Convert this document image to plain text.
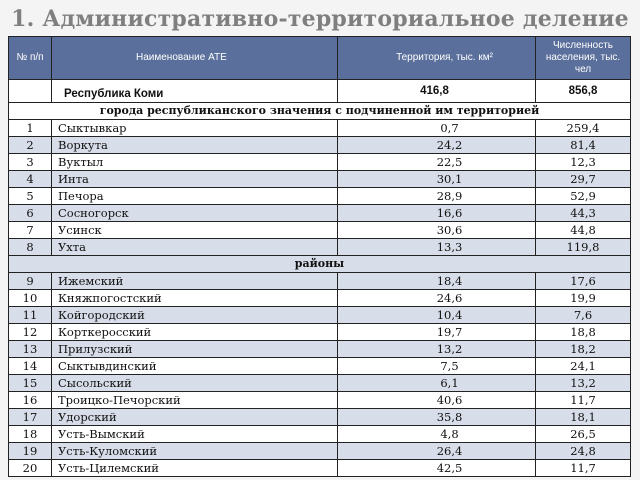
1. Административно-территориальное деление
№ п/п	Наименование АТЕ	Территория, тыс. км²	Численность населения, тыс. чел
	Республика Коми	416,8	856,8
города республиканского значения с подчиненной им территорией			
1	Сыктывкар	0,7	259,4
2	Воркута	24,2	81,4
3	Вуктыл	22,5	12,3
4	Инта	30,1	29,7
5	Печора	28,9	52,9
6	Сосногорск	16,6	44,3
7	Усинск	30,6	44,8
8	Ухта	13,3	119,8
районы			
9	Ижемский	18,4	17,6
10	Княжпогостский	24,6	19,9
11	Койгородский	10,4	7,6
12	Корткеросский	19,7	18,8
13	Прилузский	13,2	18,2
14	Сыктывдинский	7,5	24,1
15	Сысольский	6,1	13,2
16	Троицко-Печорский	40,6	11,7
17	Удорский	35,8	18,1
18	Усть-Вымский	4,8	26,5
19	Усть-Куломский	26,4	24,8
20	Усть-Цилемский	42,5	11,7
